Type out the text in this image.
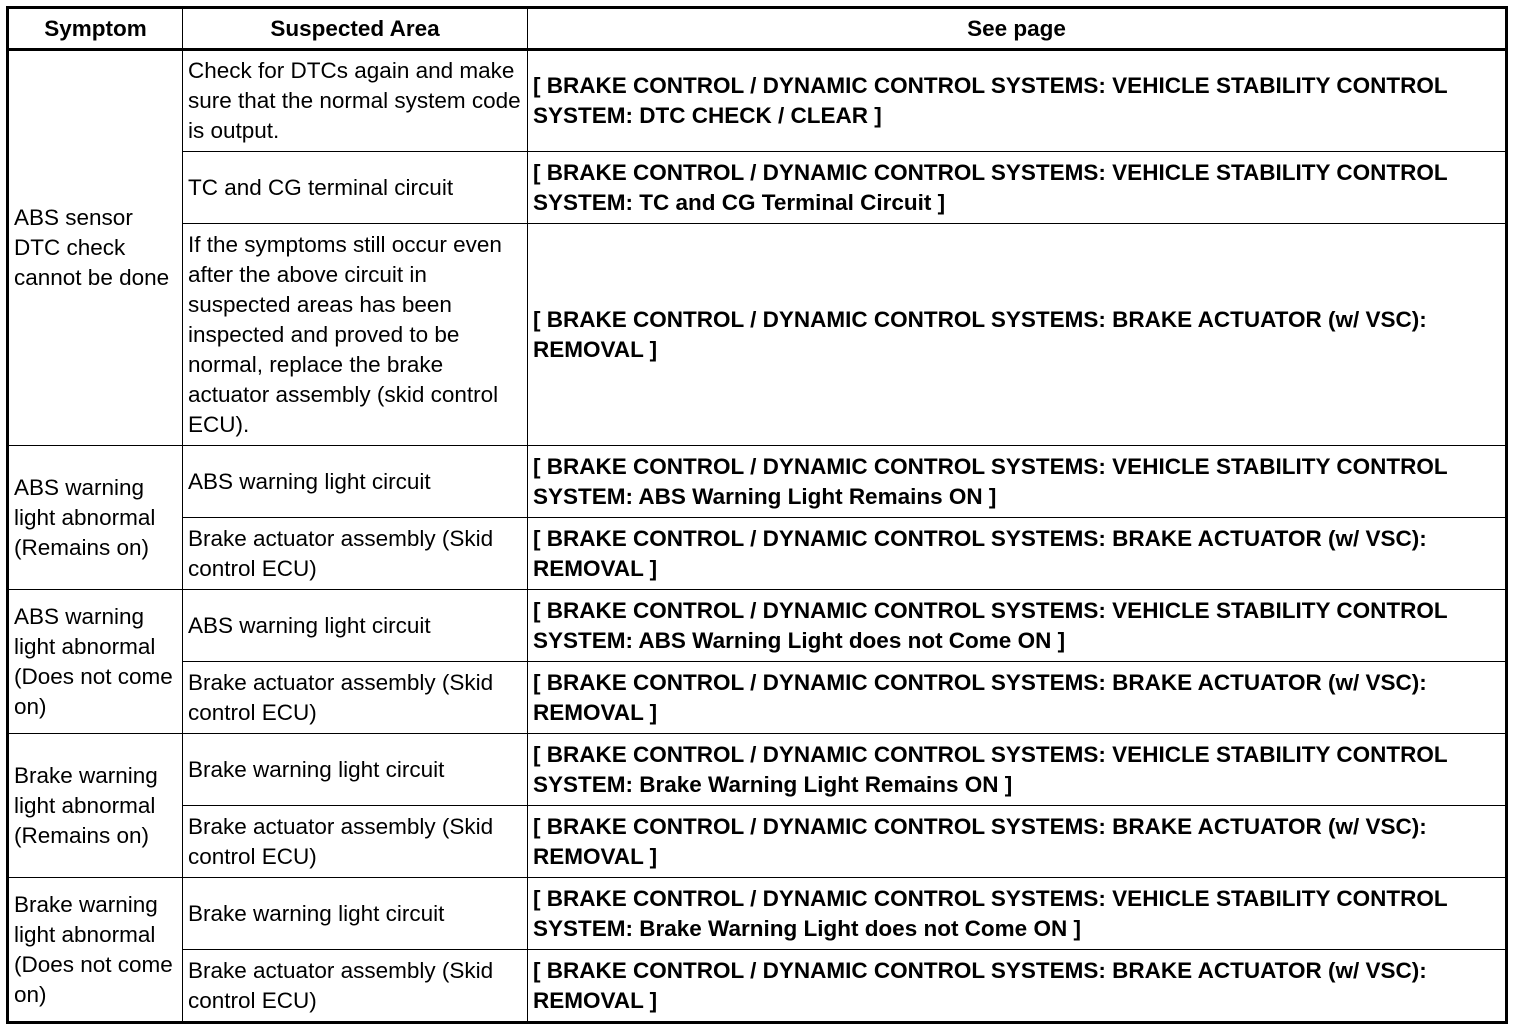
Symptom	Suspected Area	See page
ABS sensor DTC check cannot be done	Check for DTCs again and make sure that the normal system code is output.	[ BRAKE CONTROL / DYNAMIC CONTROL SYSTEMS: VEHICLE STABILITY CONTROL SYSTEM: DTC CHECK / CLEAR ]
	TC and CG terminal circuit	[ BRAKE CONTROL / DYNAMIC CONTROL SYSTEMS: VEHICLE STABILITY CONTROL SYSTEM: TC and CG Terminal Circuit ]
	If the symptoms still occur even after the above circuit in suspected areas has been inspected and proved to be normal, replace the brake actuator assembly (skid control ECU).	[ BRAKE CONTROL / DYNAMIC CONTROL SYSTEMS: BRAKE ACTUATOR (w/ VSC): REMOVAL ]
ABS warning light abnormal (Remains on)	ABS warning light circuit	[ BRAKE CONTROL / DYNAMIC CONTROL SYSTEMS: VEHICLE STABILITY CONTROL SYSTEM: ABS Warning Light Remains ON ]
	Brake actuator assembly (Skid control ECU)	[ BRAKE CONTROL / DYNAMIC CONTROL SYSTEMS: BRAKE ACTUATOR (w/ VSC): REMOVAL ]
ABS warning light abnormal (Does not come on)	ABS warning light circuit	[ BRAKE CONTROL / DYNAMIC CONTROL SYSTEMS: VEHICLE STABILITY CONTROL SYSTEM: ABS Warning Light does not Come ON ]
	Brake actuator assembly (Skid control ECU)	[ BRAKE CONTROL / DYNAMIC CONTROL SYSTEMS: BRAKE ACTUATOR (w/ VSC): REMOVAL ]
Brake warning light abnormal (Remains on)	Brake warning light circuit	[ BRAKE CONTROL / DYNAMIC CONTROL SYSTEMS: VEHICLE STABILITY CONTROL SYSTEM: Brake Warning Light Remains ON ]
	Brake actuator assembly (Skid control ECU)	[ BRAKE CONTROL / DYNAMIC CONTROL SYSTEMS: BRAKE ACTUATOR (w/ VSC): REMOVAL ]
Brake warning light abnormal (Does not come on)	Brake warning light circuit	[ BRAKE CONTROL / DYNAMIC CONTROL SYSTEMS: VEHICLE STABILITY CONTROL SYSTEM: Brake Warning Light does not Come ON ]
	Brake actuator assembly (Skid control ECU)	[ BRAKE CONTROL / DYNAMIC CONTROL SYSTEMS: BRAKE ACTUATOR (w/ VSC): REMOVAL ]
